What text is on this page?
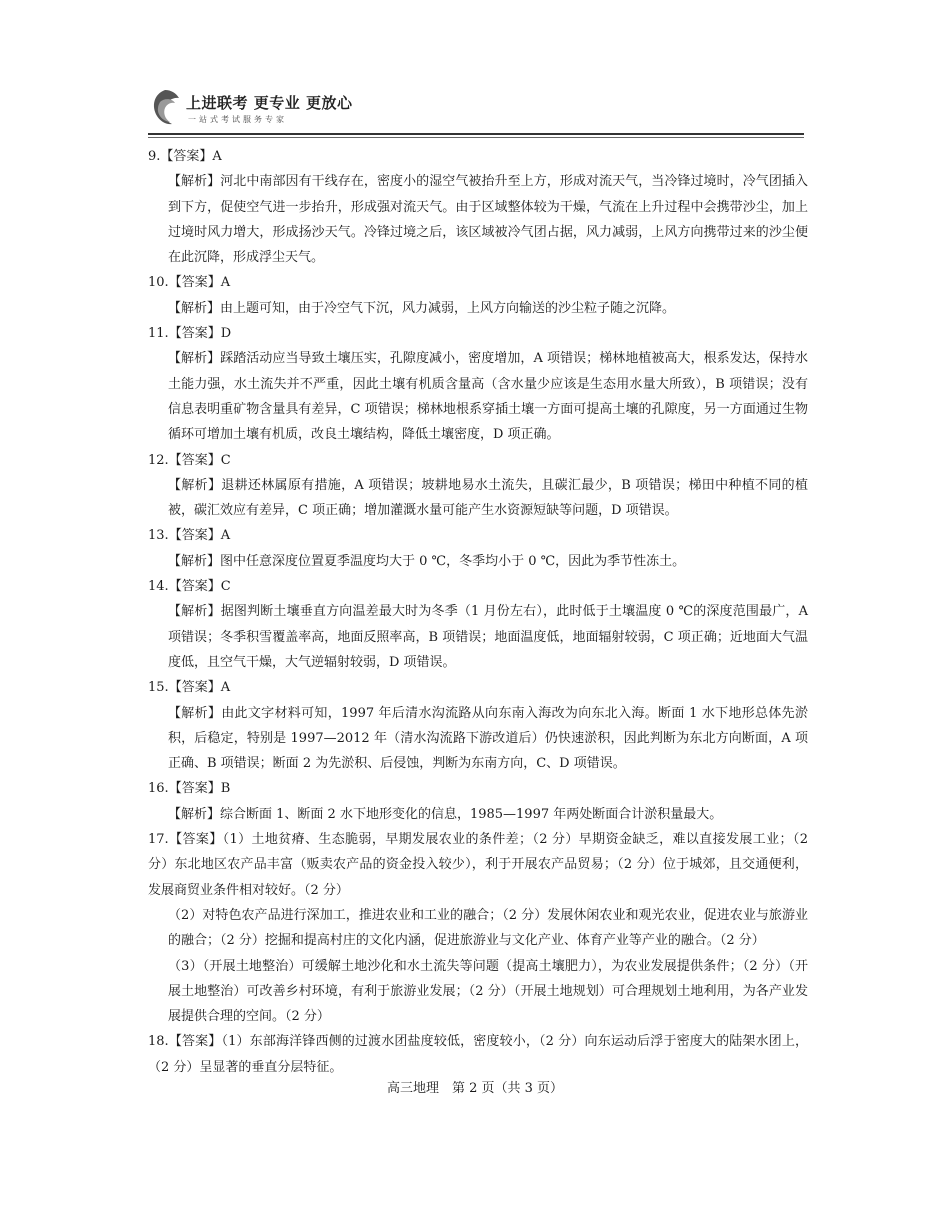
上进联考 更专业 更放心
一站式考试服务专家

9.【答案】A

【解析】河北中南部因有干线存在，密度小的湿空气被抬升至上方，形成对流天气，当冷锋过境时，冷气团插入到下方，促使空气进一步抬升，形成强对流天气。由于区域整体较为干燥，气流在上升过程中会携带沙尘，加上过境时风力增大，形成扬沙天气。冷锋过境之后，该区域被冷气团占据，风力减弱，上风方向携带过来的沙尘便在此沉降，形成浮尘天气。

10.【答案】A

【解析】由上题可知，由于冷空气下沉，风力减弱，上风方向输送的沙尘粒子随之沉降。

11.【答案】D

【解析】踩踏活动应当导致土壤压实，孔隙度减小，密度增加，A 项错误；梯林地植被高大，根系发达，保持水土能力强，水土流失并不严重，因此土壤有机质含量高（含水量少应该是生态用水量大所致），B 项错误；没有信息表明重矿物含量具有差异，C 项错误；梯林地根系穿插土壤一方面可提高土壤的孔隙度，另一方面通过生物循环可增加土壤有机质，改良土壤结构，降低土壤密度，D 项正确。

12.【答案】C

【解析】退耕还林属原有措施，A 项错误；坡耕地易水土流失，且碳汇最少，B 项错误；梯田中种植不同的植被，碳汇效应有差异，C 项正确；增加灌溉水量可能产生水资源短缺等问题，D 项错误。

13.【答案】A

【解析】图中任意深度位置夏季温度均大于 0 ℃，冬季均小于 0 ℃，因此为季节性冻土。

14.【答案】C

【解析】据图判断土壤垂直方向温差最大时为冬季（1 月份左右），此时低于土壤温度 0 ℃的深度范围最广，A 项错误；冬季积雪覆盖率高，地面反照率高，B 项错误；地面温度低，地面辐射较弱，C 项正确；近地面大气温度低，且空气干燥，大气逆辐射较弱，D 项错误。

15.【答案】A

【解析】由此文字材料可知，1997 年后清水沟流路从向东南入海改为向东北入海。断面 1 水下地形总体先淤积，后稳定，特别是 1997—2012 年（清水沟流路下游改道后）仍快速淤积，因此判断为东北方向断面，A 项正确、B 项错误；断面 2 为先淤积、后侵蚀，判断为东南方向，C、D 项错误。

16.【答案】B

【解析】综合断面 1、断面 2 水下地形变化的信息，1985—1997 年两处断面合计淤积量最大。

17.【答案】（1）土地贫瘠、生态脆弱，早期发展农业的条件差；（2 分）早期资金缺乏，难以直接发展工业；（2 分）东北地区农产品丰富（贩卖农产品的资金投入较少），利于开展农产品贸易；（2 分）位于城郊，且交通便利，发展商贸业条件相对较好。（2 分）

（2）对特色农产品进行深加工，推进农业和工业的融合；（2 分）发展休闲农业和观光农业，促进农业与旅游业的融合；（2 分）挖掘和提高村庄的文化内涵，促进旅游业与文化产业、体育产业等产业的融合。（2 分）

（3）（开展土地整治）可缓解土地沙化和水土流失等问题（提高土壤肥力），为农业发展提供条件；（2 分）（开展土地整治）可改善乡村环境，有利于旅游业发展；（2 分）（开展土地规划）可合理规划土地利用，为各产业发展提供合理的空间。（2 分）

18.【答案】（1）东部海洋锋西侧的过渡水团盐度较低，密度较小，（2 分）向东运动后浮于密度大的陆架水团上，（2 分）呈显著的垂直分层特征。

高三地理　第 2 页（共 3 页）
